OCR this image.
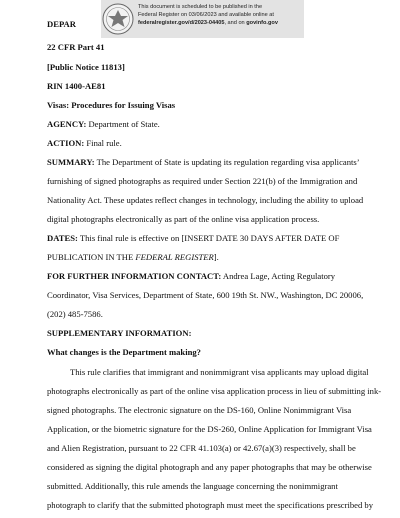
This document is scheduled to be published in the
Federal Register on 03/06/2023 and available online at
federalregister.gov/d/2023-04405, and on govinfo.gov
DEPAR
22 CFR Part 41
[Public Notice 11813]
RIN 1400-AE81
Visas: Procedures for Issuing Visas
AGENCY: Department of State.
ACTION: Final rule.
SUMMARY: The Department of State is updating its regulation regarding visa applicants’
furnishing of signed photographs as required under Section 221(b) of the Immigration and
Nationality Act. These updates reflect changes in technology, including the ability to upload
digital photographs electronically as part of the online visa application process.
DATES: This final rule is effective on [INSERT DATE 30 DAYS AFTER DATE OF
PUBLICATION IN THE FEDERAL REGISTER].
FOR FURTHER INFORMATION CONTACT: Andrea Lage, Acting Regulatory
Coordinator, Visa Services, Department of State, 600 19th St. NW., Washington, DC 20006,
(202) 485-7586.
SUPPLEMENTARY INFORMATION:
What changes is the Department making?
This rule clarifies that immigrant and nonimmigrant visa applicants may upload digital
photographs electronically as part of the online visa application process in lieu of submitting ink-
signed photographs. The electronic signature on the DS-160, Online Nonimmigrant Visa
Application, or the biometric signature for the DS-260, Online Application for Immigrant Visa
and Alien Registration, pursuant to 22 CFR 41.103(a) or 42.67(a)(3) respectively, shall be
considered as signing the digital photograph and any paper photographs that may be otherwise
submitted. Additionally, this rule amends the language concerning the nonimmigrant
photograph to clarify that the submitted photograph must meet the specifications prescribed by
